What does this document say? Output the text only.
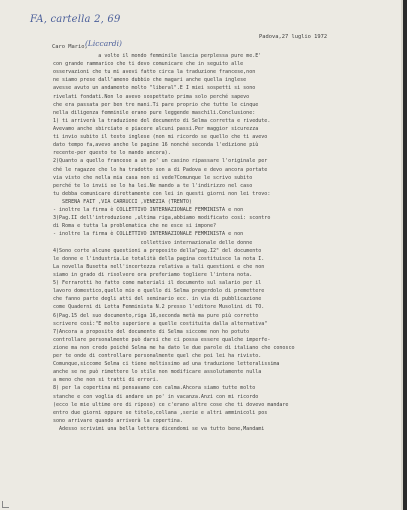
FA, cartella 2, 69
(Liccardi)
Padova,27 luglio 1972
Caro Mario,
a volte il mondo femminile lascia perplessa pure me.E'
con grande rammarico che ti devo comunicare che in seguito alle
osservazioni che tu mi avevi fatto circa la traduzione francese,non
ne siamo prese dall'ameno dubbio che magari anche quella inglese
avesse avuto un andamento molto "liberal".E I miei sospetti si sono
rivelati fondati.Non lo avevo sospettato prima solo perché sapevo
che era passata per ben tre mani.Ti pare proprio che tutte le cinque
nella diligenza femminile erano pure leggende maschili.Conclusione:
1) ti arriverà la traduzione del documento di Selma corretta e rivedute.
Avevamo anche sbirciato e piacere alcuni passi.Per maggior sicurezza
ti invio subito il testo inglese (non mi ricordo se quello che ti avevo
dato tempo fa,avevo anche le pagine 16 nonché seconda l'edizione più
recente-per questo te lo mando ancora).
2)Quanto a quello francese a un po' un casino ripassare l'originale per
ché le ragazze che lo ha tradotto son a di Padova e devo ancora portate
via visto che nella mia casa non si vede?Comunque le scrivo subito
perché te lo invii se lo ha lei.Ne mando a te l'indirizzo nel caso
tu debba comunicare direttamente con lei in questi giorni non lei trovo:
SERENA FAIT ,VIA CARRUCCI ,VENEZIA (TRENTO)
- inoltre la firma è COLLETTIVO INTERNAZIONALE FEMMINISTA e non
3)Pag.II dell'introduzione ,ultima riga,abbiamo modificato così: scontro
di Roma e tutta la problematica che ne esce si impone?
- inoltre la firma è COLLETTIVO INTERNAZIONALE FEMMINISTA e non
collettivo internazionale delle donne
4)Sono corte alcune questioni a proposito della"pag.I2" del documento
le donne e l'industria.Le totalità della pagina costituisce la nota I.
La novella Busetta nell'incertezza relativa a tali questioni e che non
siamo in grado di risolvere ora preferiamo togliere l'intera nota.
5) Ferrarotti ho fatto come materiali il documento sul salario per il
lavoro domestico,quello mio e quello di Selma pregerdolo di premettere
che fanno parte degli atti del seminario ecc. in via di pubblicazione
come Quaderni di Lotta Femminista N.2 presso l'editore Musolini di TO.
6)Pag.15 del suo documento,riga 16,seconda metà ma pure più corretto
scrivere così:"E molto superiore a quelle costituita dalla alternativa"
7)Ancora a proposito del documento di Selma siccome non ho potuto
controllare personalmente può darsi che ci possa essere qualche imperfe-
zione ma non credo poiché Selma me ha dato le due parole di italiano che conosco
per te onde di controllare personalmente quel che poi lei ha rivisto.
Comunque,siccome Selma ci tiene moltissimo ad una traduzione letteralissima
anche se ne può rimettere lo stile non modificare assolutamente nulla
a meno che non si tratti di errori.
8) per la copertina mi pensavamo con calma.Ahcora siamo tutte molto
stanche e con voglia di andare un po' in vacanza.Anzi con mi ricordo
(ecco le mie ultime ore di riposo) ce c'erano altre cose che ti dovevo mandare
entro due giorni oppure se titolo,collana ,serie e altri amminicoli pos
sono arrivare quando arriverà la copertina.
Adesso scrivimi una bella lettera dicendomi se va tutto bene,Mandami
